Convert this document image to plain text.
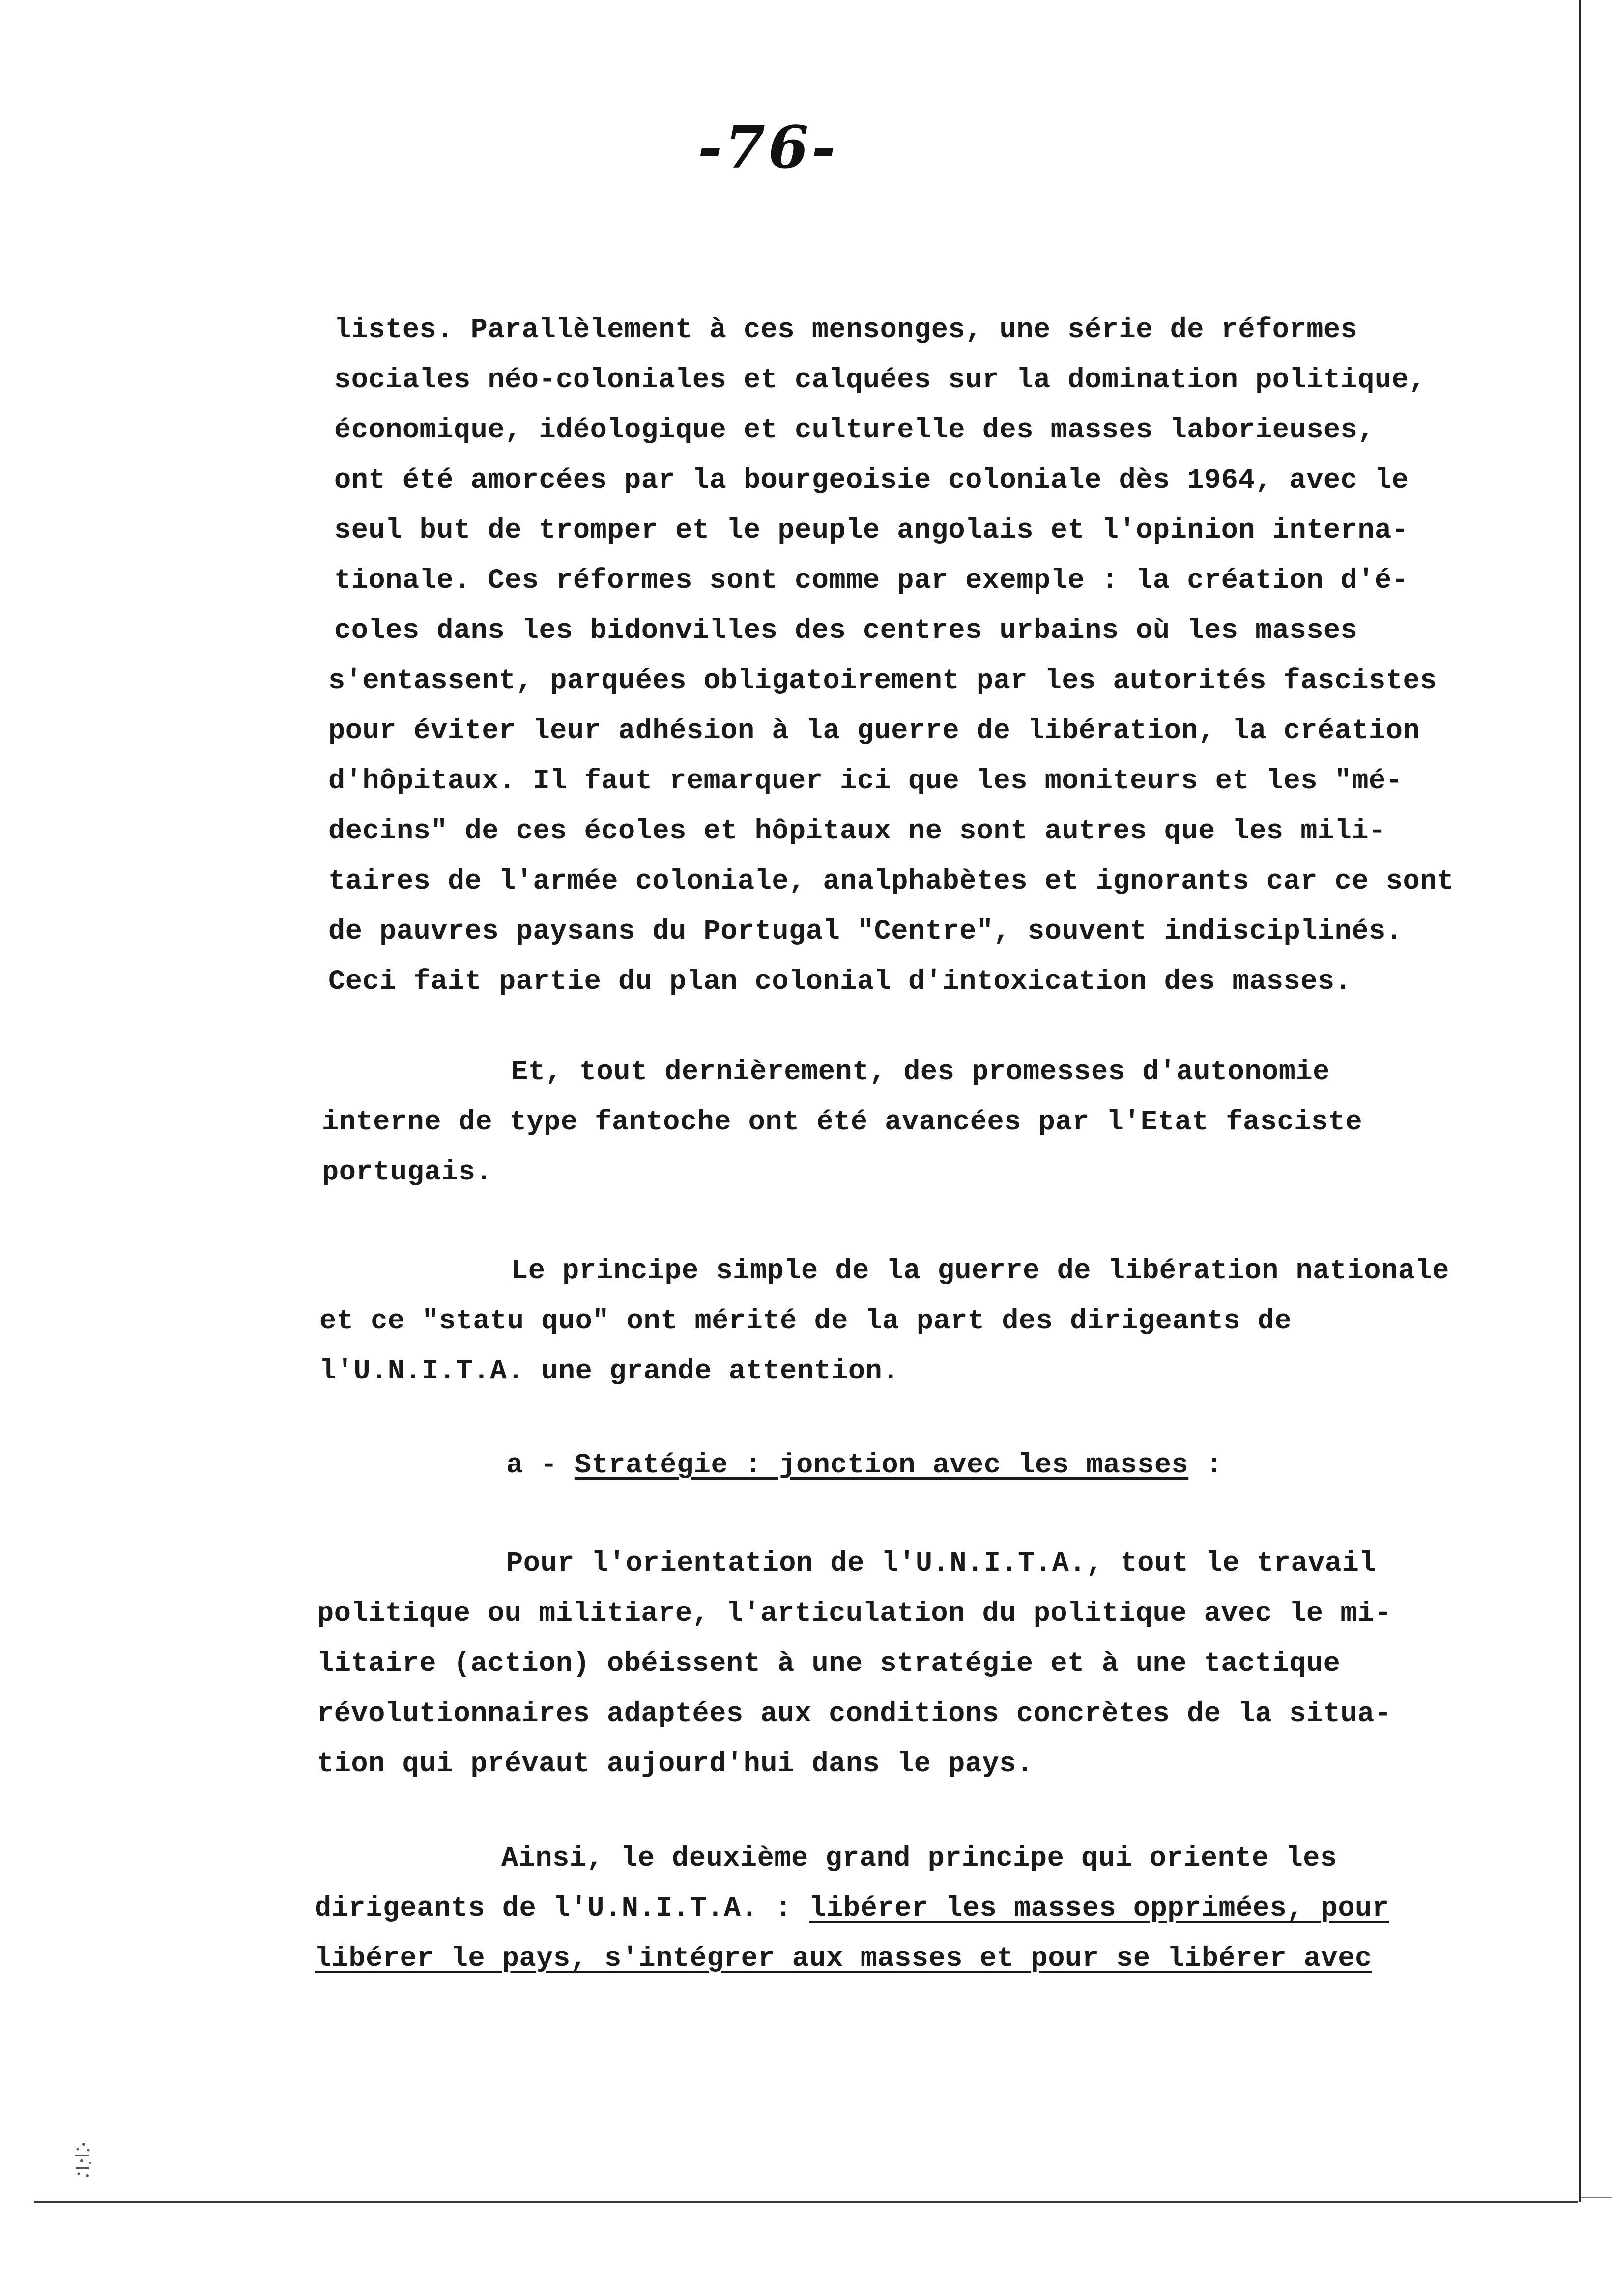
-76-
listes. Parallèlement à ces mensonges, une série de réformes
sociales néo-coloniales et calquées sur la domination politique,
économique, idéologique et culturelle des masses laborieuses,
ont été amorcées par la bourgeoisie coloniale dès 1964, avec le
seul but de tromper et le peuple angolais et l'opinion interna-
tionale. Ces réformes sont comme par exemple : la création d'é-
coles dans les bidonvilles des centres urbains où les masses
s'entassent, parquées obligatoirement par les autorités fascistes
pour éviter leur adhésion à la guerre de libération, la création
d'hôpitaux. Il faut remarquer ici que les moniteurs et les "mé-
decins" de ces écoles et hôpitaux ne sont autres que les mili-
taires de l'armée coloniale, analphabètes et ignorants car ce sont
de pauvres paysans du Portugal "Centre", souvent indisciplinés.
Ceci fait partie du plan colonial d'intoxication des masses.
Et, tout dernièrement, des promesses d'autonomie
interne de type fantoche ont été avancées par l'Etat fasciste
portugais.
Le principe simple de la guerre de libération nationale
et ce "statu quo" ont mérité de la part des dirigeants de
l'U.N.I.T.A. une grande attention.
a - Stratégie : jonction avec les masses :
Pour l'orientation de l'U.N.I.T.A., tout le travail
politique ou militiare, l'articulation du politique avec le mi-
litaire (action) obéissent à une stratégie et à une tactique
révolutionnaires adaptées aux conditions concrètes de la situa-
tion qui prévaut aujourd'hui dans le pays.
Ainsi, le deuxième grand principe qui oriente les
dirigeants de l'U.N.I.T.A. : libérer les masses opprimées, pour
libérer le pays, s'intégrer aux masses et pour se libérer avec
